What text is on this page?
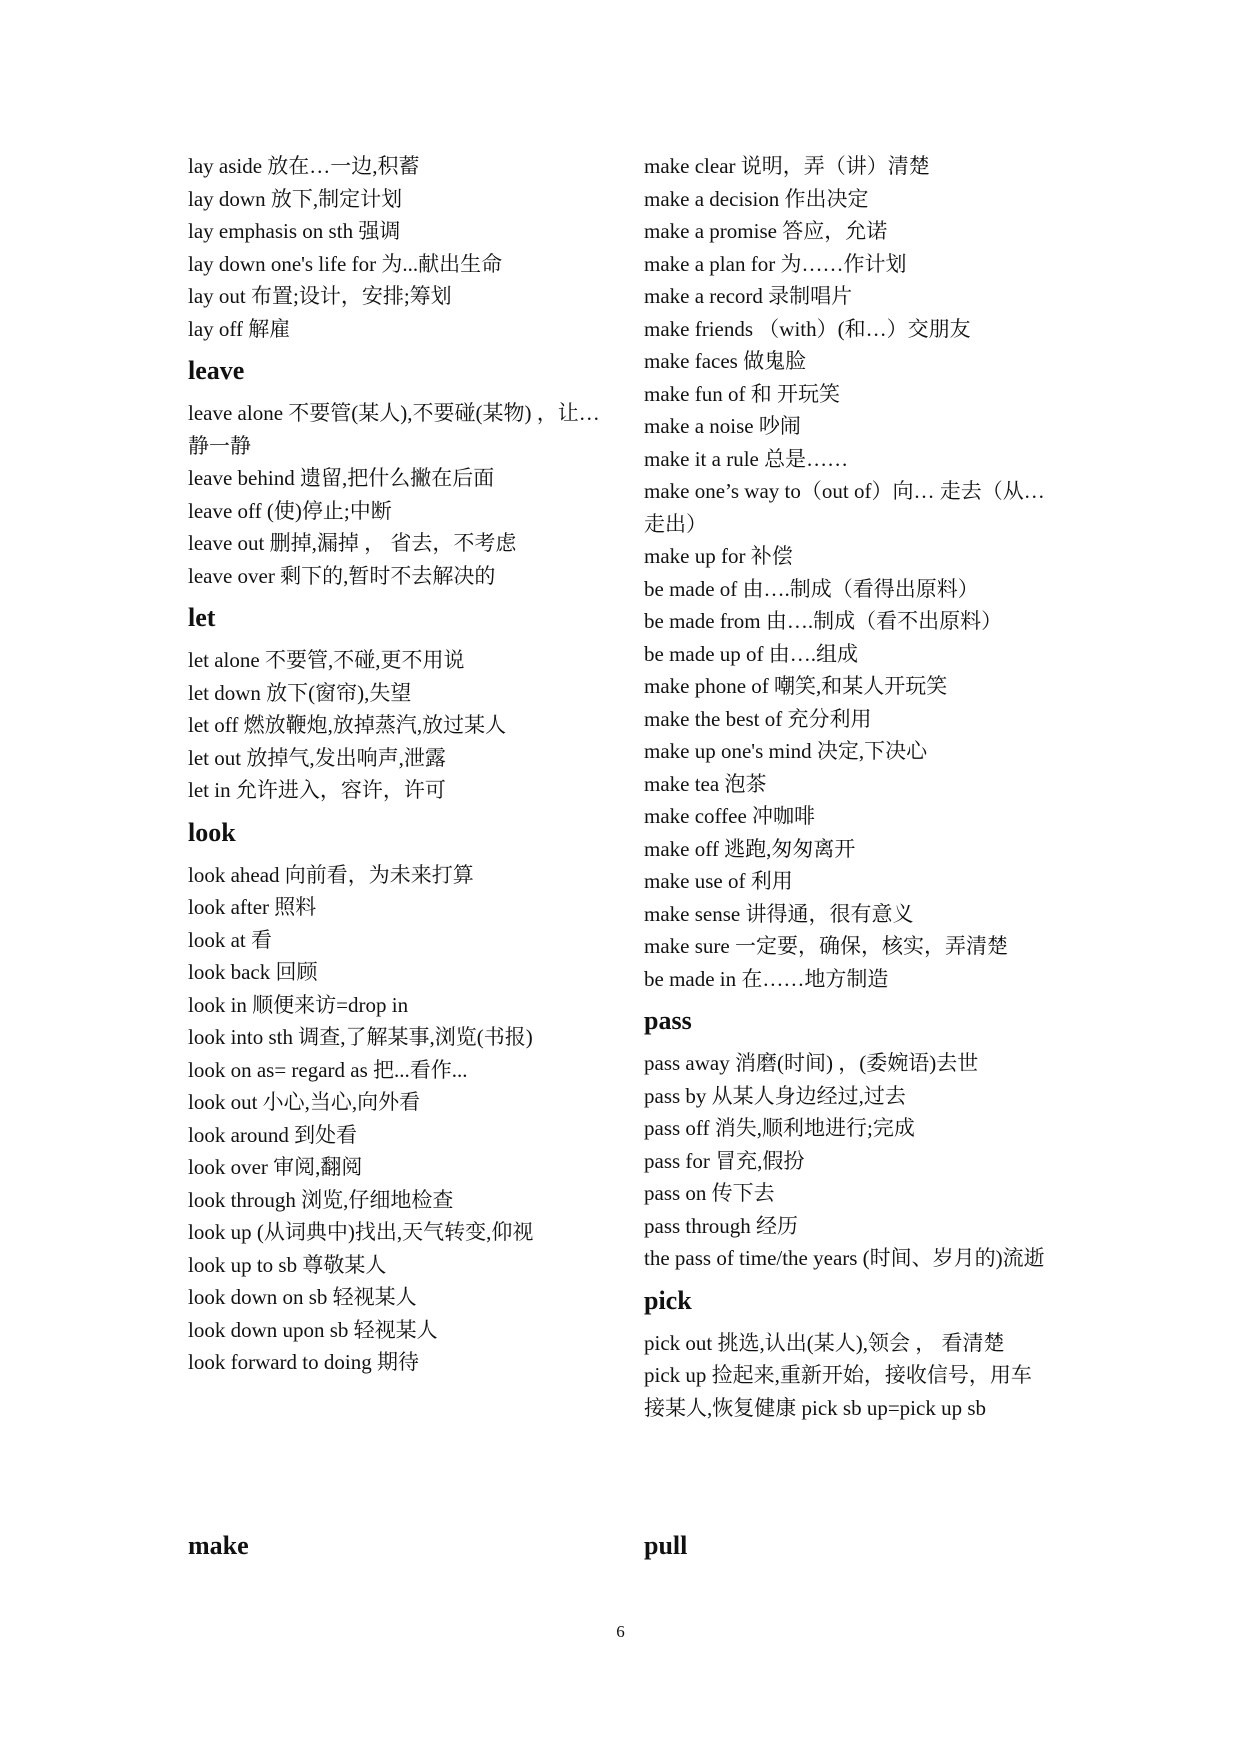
lay aside 放在…一边,积蓄
lay down 放下,制定计划
lay emphasis on sth 强调
lay down one's life for 为...献出生命
lay out 布置;设计，安排;筹划
lay off 解雇
leave
leave alone 不要管(某人),不要碰(某物) ，让…
静一静
leave behind 遗留,把什么撇在后面
leave off (使)停止;中断
leave out 删掉,漏掉 ， 省去，不考虑
leave over 剩下的,暂时不去解决的
let
let alone 不要管,不碰,更不用说
let down 放下(窗帘),失望
let off 燃放鞭炮,放掉蒸汽,放过某人
let out 放掉气,发出响声,泄露
let in 允许进入，容许，许可
look
look ahead 向前看，为未来打算
look after 照料
look at 看
look back 回顾
look in 顺便来访=drop in
look into sth 调查,了解某事,浏览(书报)
look on as= regard as 把...看作...
look out 小心,当心,向外看
look around 到处看
look over 审阅,翻阅
look through 浏览,仔细地检查
look up (从词典中)找出,天气转变,仰视
look up to sb 尊敬某人
look down on sb 轻视某人
look down upon sb 轻视某人
look forward to doing 期待
make clear 说明，弄（讲）清楚
make a decision 作出决定
make a promise 答应，允诺
make a plan for 为……作计划
make a record 录制唱片
make friends （with）(和…）交朋友
make faces 做鬼脸
make fun of 和 开玩笑
make a noise 吵闹
make it a rule 总是……
make one’s way to（out of）向… 走去（从…
走出）
make up for 补偿
be made of 由….制成（看得出原料）
be made from 由….制成（看不出原料）
be made up of 由….组成
make phone of 嘲笑,和某人开玩笑
make the best of 充分利用
make up one's mind 决定,下决心
make tea 泡茶
make coffee 冲咖啡
make off 逃跑,匆匆离开
make use of 利用
make sense 讲得通，很有意义
make sure 一定要，确保，核实，弄清楚
be made in 在……地方制造
pass
pass away 消磨(时间) ，(委婉语)去世
pass by 从某人身边经过,过去
pass off 消失,顺利地进行;完成
pass for 冒充,假扮
pass on 传下去
pass through 经历
the pass of time/the years (时间、岁月的)流逝
pick
pick out 挑选,认出(某人),领会 ， 看清楚
pick up 捡起来,重新开始，接收信号，用车
接某人,恢复健康 pick sb up=pick up sb
make	pull
6
